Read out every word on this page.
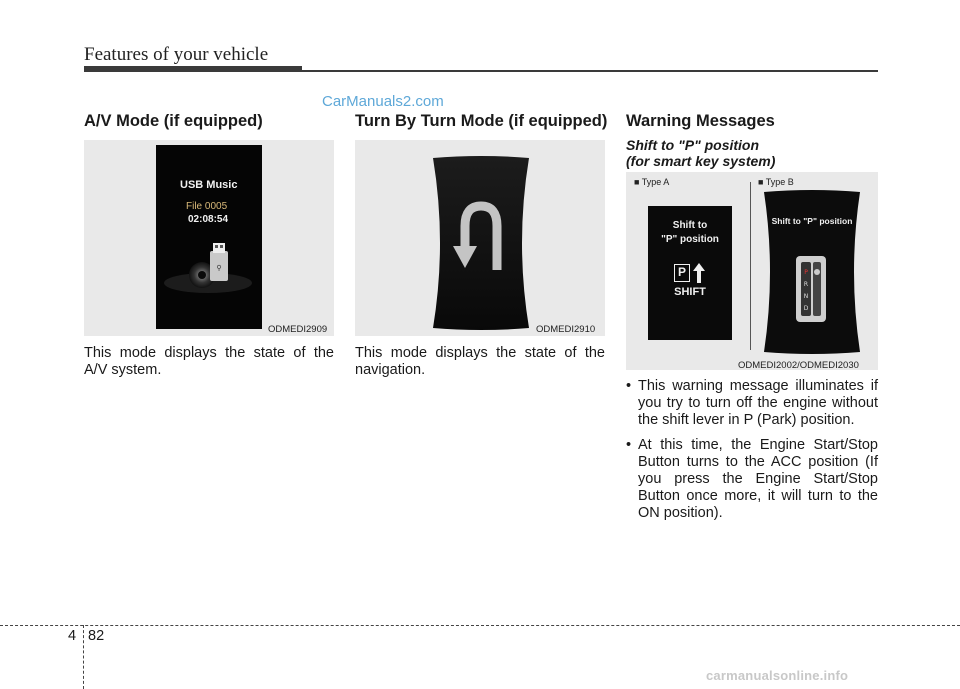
Features of your vehicle
CarManuals2.com
A/V Mode (if equipped)
USB Music
File 0005
02:08:54
⚲
ODMEDI2909
This mode displays the state of the A/V system.
Turn By Turn Mode (if equipped)
ODMEDI2910
This mode displays the state of the navigation.
Warning Messages
Shift to "P" position
(for smart key system)
■ Type A	■ Type B
Shift to
"P" position
P
SHIFT
P
R
N
D
Shift to "P" position
ODMEDI2002/ODMEDI2030
• This warning message illuminates if you try to turn off the engine without the shift lever in P (Park) position.
• At this time, the Engine Start/Stop Button turns to the ACC position (If you press the Engine Start/Stop Button once more, it will turn to the ON position).
4 82
carmanualsonline.info
